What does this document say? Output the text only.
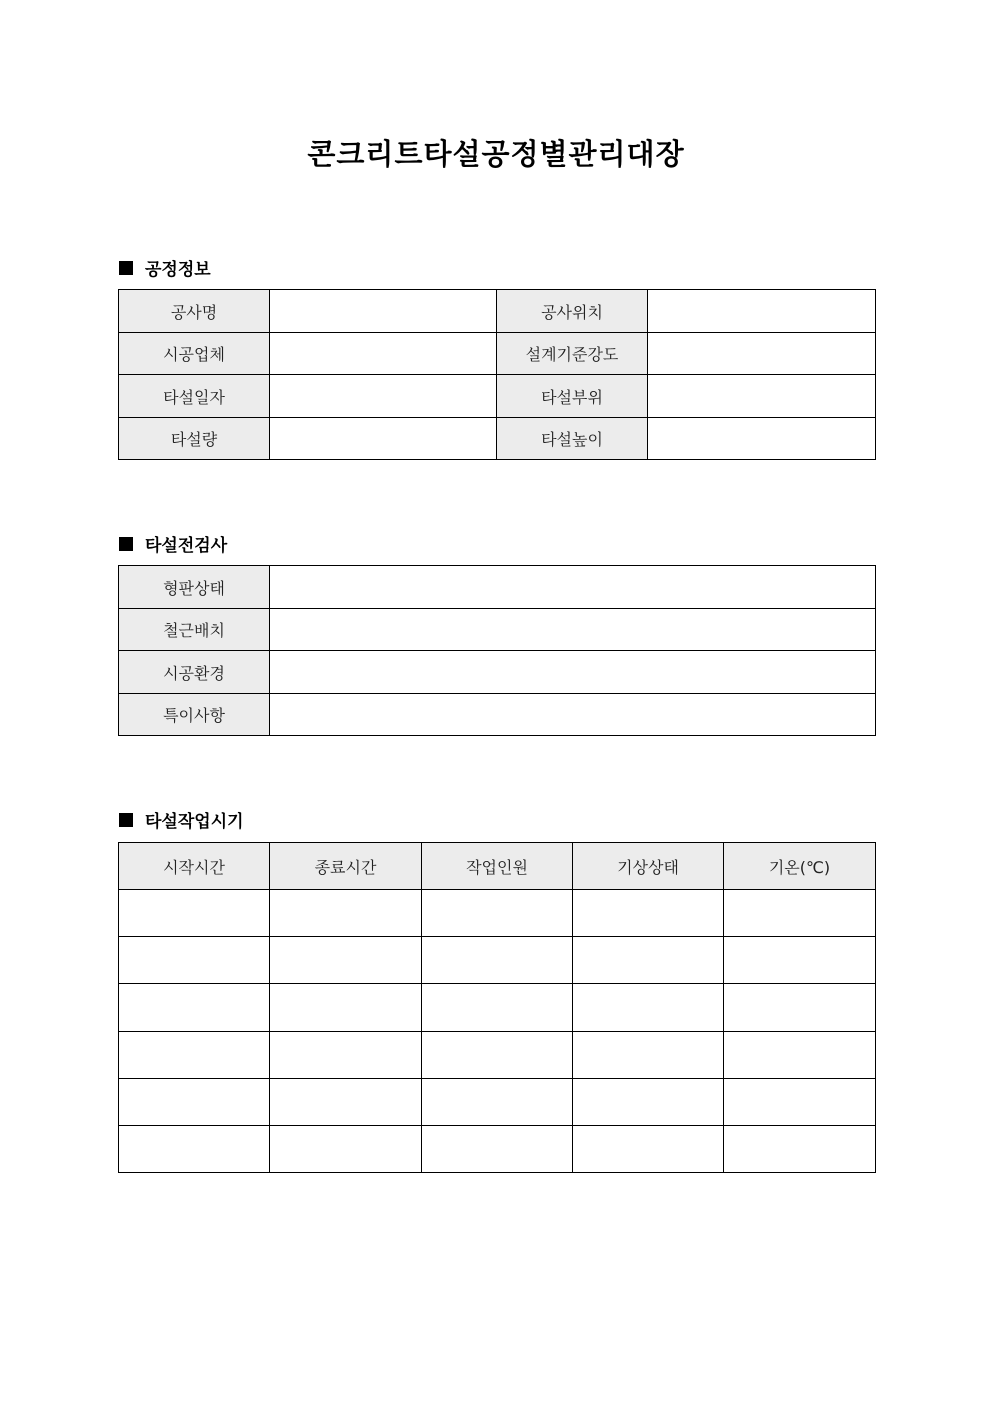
콘크리트타설공정별관리대장
공정정보
공사명		공사위치	
시공업체		설계기준강도	
타설일자		타설부위	
타설량		타설높이	
타설전검사
형판상태	
철근배치	
시공환경	
특이사항	
타설작업시기
시작시간	종료시간	작업인원	기상상태	기온(℃)
